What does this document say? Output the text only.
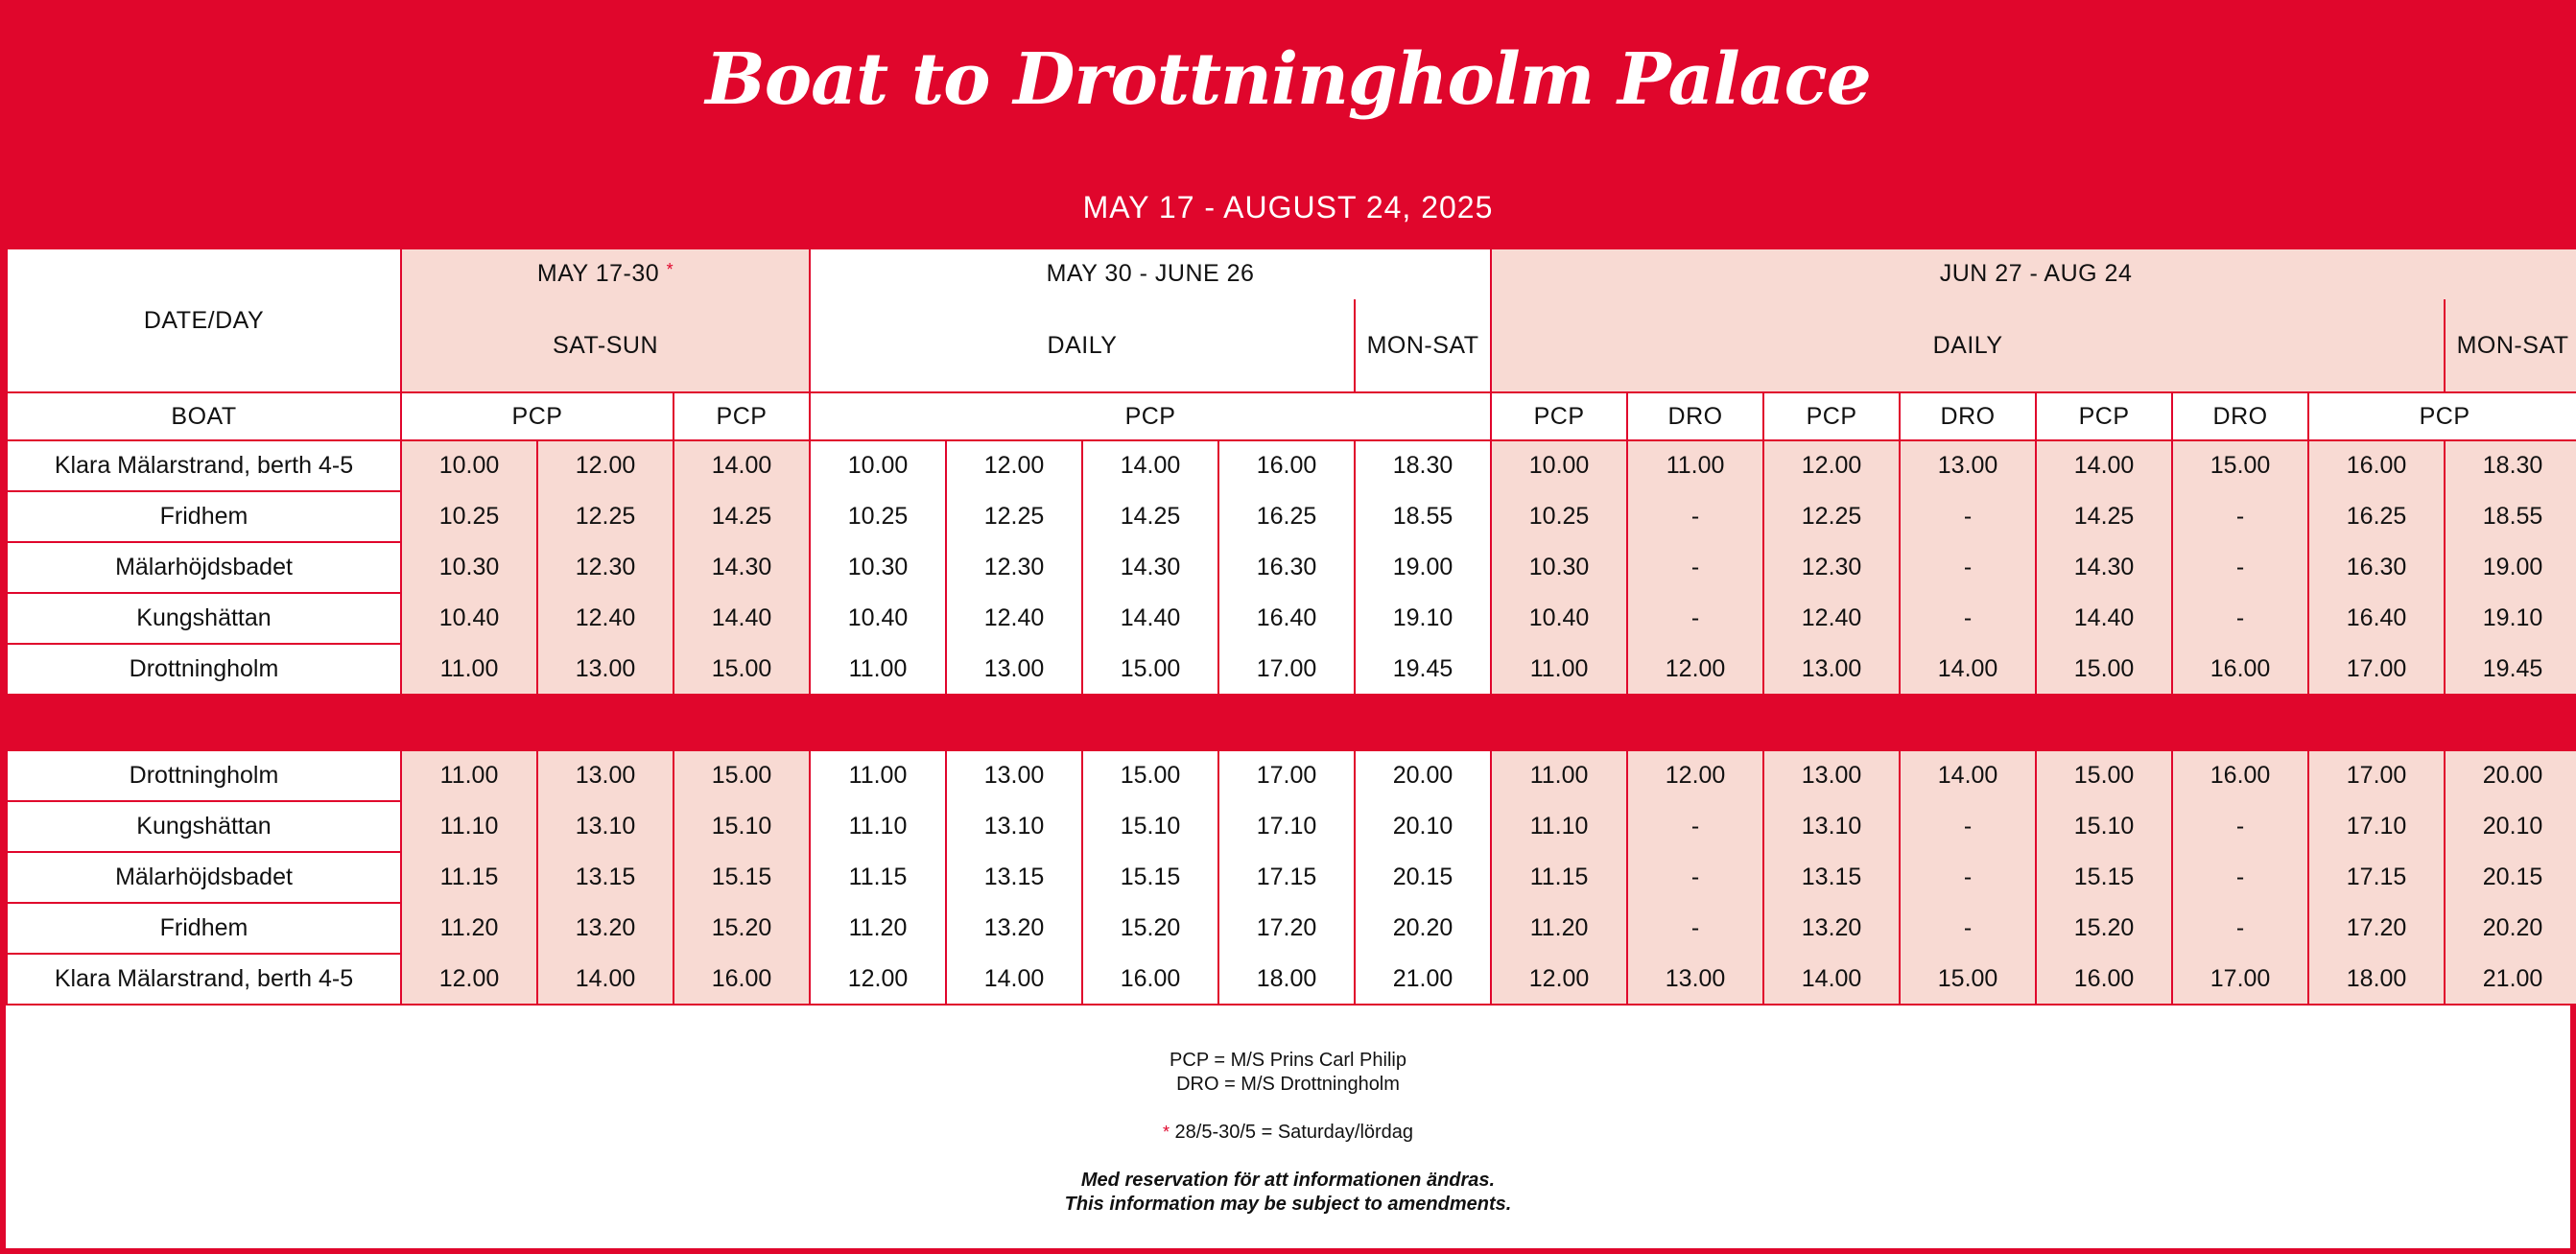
Boat to Drottningholm Palace
MAY 17 - AUGUST 24, 2025
DATE/DAY	MAY 17-30 *			MAY 30 - JUNE 26					JUN 27 - AUG 24							
	SAT-SUN			DAILY				MON-SAT	DAILY							MON-SAT
BOAT	PCP		PCP	PCP					PCP	DRO	PCP	DRO	PCP	DRO	PCP	
Klara Mälarstrand, berth 4-5	10.00	12.00	14.00	10.00	12.00	14.00	16.00	18.30	10.00	11.00	12.00	13.00	14.00	15.00	16.00	18.30
Fridhem	10.25	12.25	14.25	10.25	12.25	14.25	16.25	18.55	10.25	-	12.25	-	14.25	-	16.25	18.55
Mälarhöjdsbadet	10.30	12.30	14.30	10.30	12.30	14.30	16.30	19.00	10.30	-	12.30	-	14.30	-	16.30	19.00
Kungshättan	10.40	12.40	14.40	10.40	12.40	14.40	16.40	19.10	10.40	-	12.40	-	14.40	-	16.40	19.10
Drottningholm	11.00	13.00	15.00	11.00	13.00	15.00	17.00	19.45	11.00	12.00	13.00	14.00	15.00	16.00	17.00	19.45

Drottningholm	11.00	13.00	15.00	11.00	13.00	15.00	17.00	20.00	11.00	12.00	13.00	14.00	15.00	16.00	17.00	20.00
Kungshättan	11.10	13.10	15.10	11.10	13.10	15.10	17.10	20.10	11.10	-	13.10	-	15.10	-	17.10	20.10
Mälarhöjdsbadet	11.15	13.15	15.15	11.15	13.15	15.15	17.15	20.15	11.15	-	13.15	-	15.15	-	17.15	20.15
Fridhem	11.20	13.20	15.20	11.20	13.20	15.20	17.20	20.20	11.20	-	13.20	-	15.20	-	17.20	20.20
Klara Mälarstrand, berth 4-5	12.00	14.00	16.00	12.00	14.00	16.00	18.00	21.00	12.00	13.00	14.00	15.00	16.00	17.00	18.00	21.00
PCP = M/S Prins Carl Philip
DRO = M/S Drottningholm
* 28/5-30/5 = Saturday/lördag
Med reservation för att informationen ändras.
This information may be subject to amendments.
